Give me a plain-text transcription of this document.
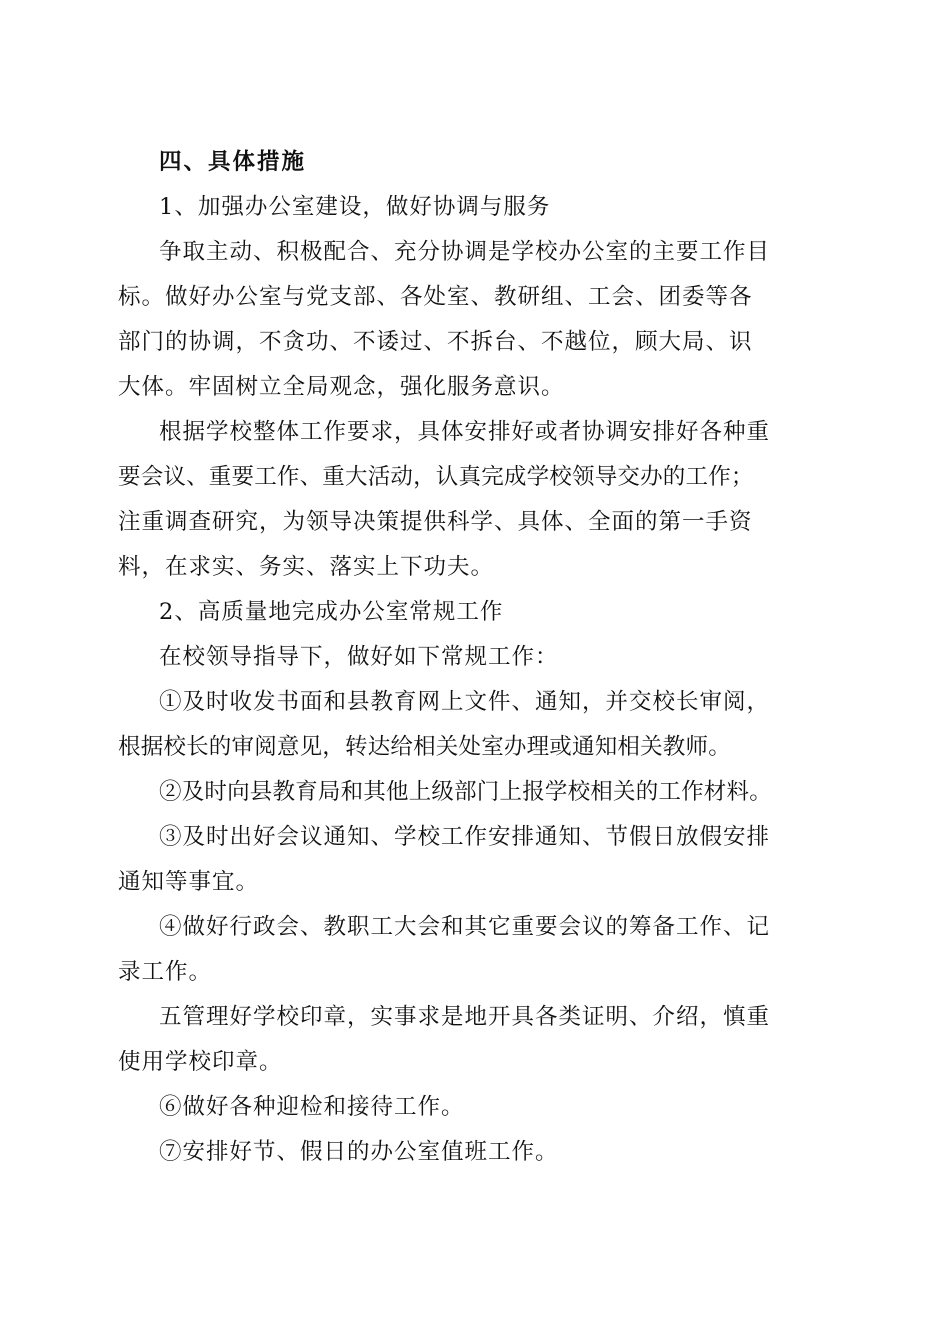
四、具体措施

1、加强办公室建设，做好协调与服务

争取主动、积极配合、充分协调是学校办公室的主要工作目

标。做好办公室与党支部、各处室、教研组、工会、团委等各

部门的协调，不贪功、不诿过、不拆台、不越位，顾大局、识

大体。牢固树立全局观念，强化服务意识。

根据学校整体工作要求，具体安排好或者协调安排好各种重

要会议、重要工作、重大活动，认真完成学校领导交办的工作；

注重调查研究，为领导决策提供科学、具体、全面的第一手资

料，在求实、务实、落实上下功夫。

2、高质量地完成办公室常规工作

在校领导指导下，做好如下常规工作：

①及时收发书面和县教育网上文件、通知，并交校长审阅，

根据校长的审阅意见，转达给相关处室办理或通知相关教师。

②及时向县教育局和其他上级部门上报学校相关的工作材料。

③及时出好会议通知、学校工作安排通知、节假日放假安排

通知等事宜。

④做好行政会、教职工大会和其它重要会议的筹备工作、记

录工作。

五管理好学校印章，实事求是地开具各类证明、介绍，慎重

使用学校印章。

⑥做好各种迎检和接待工作。

⑦安排好节、假日的办公室值班工作。
